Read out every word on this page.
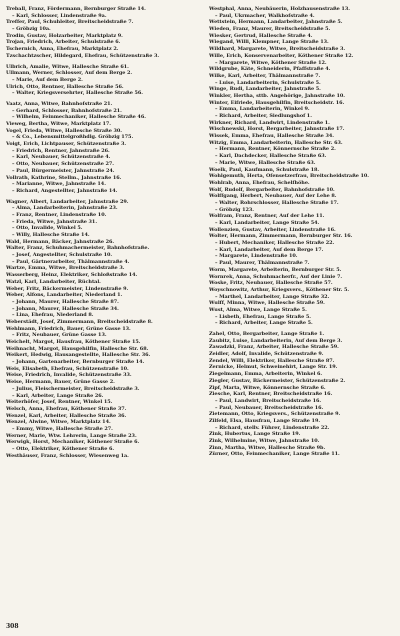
Treball, Franz, Fördermann, Bernburger Straße 14.
– Karl, Schlosser, Lindenstraße 9a.
Treffer, Paul, Schuhleiter, Breitscheidstraße 7.
– Gröbzig 10a.
Trodin, Gustav, Holzarbeiter, Marktplatz 9.
Trojan, Friedrich, Arbeiter, Schulstraße 6.
Tschernich, Anna, Ehefrau, Marktplatz 2.
Tzschachtzscher, Hildegard, Ehefrau, Schützenstraße 3.
Ulbrich, Amalie, Witwe, Hallesche Straße 61.
Ullmann, Werner, Schlosser, Auf dem Berge 2.
– Marie, Auf dem Berge 2.
Ulrich, Otto, Rentner, Hallesche Straße 56.
– Walter, Kriegsversehrter, Hallesche Straße 56.
Vaatz, Anna, Witwe, Bahnhofstraße 21.
– Gerhard, Schlosser, Bahnhofstraße 21.
– Wilhelm, Feinmechaniker, Hallesche Straße 46.
Vieweg, Bertha, Witwe, Marktplatz 17.
Vogel, Frieda, Witwe, Hallesche Straße 30.
– & Co., Lebensmittelgroßhdlg. Gröbzig 175.
Voigt, Erich, Lichtpauser, Schützenstraße 3.
– Friedrich, Rentner, Jahnstraße 26.
– Karl, Neubauer, Schützenstraße 4.
– Otto, Neubauer, Schützenstraße 27.
– Paul, Bürgermeister, Jahnstraße 24.
Vollrath, Kathrine, Stellm., Jahnstraße 16.
– Marianne, Witwe, Jahnstraße 14.
– Richard, Angestellter, Jahnstraße 14.
Wagner, Albert, Landarbeiter, Jahnstraße 29.
– Alma, Landarbeiterin, Jahnstraße 23.
– Franz, Rentner, Lindenstraße 10.
– Frieda, Witwe, Jahnstraße 31.
– Otto, Invalide, Winkel 5.
– Willy, Hallesche Straße 14.
Wald, Hermann, Bäcker, Jahnstraße 26.
Walter, Franz, Schuhmachermeister, Bahnhofstraße.
– Josef, Angestellter, Schulstraße 10.
– Paul, Gärtnerarbeiter, Thälmannstraße 4.
Wartze, Emma, Witwe, Breitscheidstraße 3.
Wasserberg, Heinz, Elektriker, Schloßstraße 14.
Watzl, Karl, Landarbeiter, Rüchtal.
Weber, Fritz, Bäckermeister, Lindenstraße 9.
Weber, Alfons, Landarbeiter, Niederland 1.
– Johann, Maurer, Hallesche Straße 87.
– Johann, Maurer, Hallesche Straße 34.
– Lina, Ehefrau, Niederland 8.
Weberstädt, Josef, Zimmermann, Breitscheidstraße 8.
Wehlmann, Friedrich, Bauer, Grüne Gasse 13.
– Fritz, Neubauer, Grüne Gasse 13.
Weichelt, Margot, Hausfrau, Köthener Straße 15.
Weihnacht, Margot, Hausgehilfin, Hallesche Str. 68.
Weikert, Hedwig, Hausangestellte, Hallesche Str. 36.
– Johann, Gartenarbeiter, Bernburger Straße 14.
Weis, Elisabeth, Ehefrau, Schützenstraße 10.
Weise, Friedrich, Invalide, Schützenstraße 33.
Weise, Hermann, Bauer, Grüne Gasse 2.
– Julius, Fleischermeister, Breitscheidstraße 3.
– Karl, Arbeiter, Lange Straße 26.
Weiterhöfer, Josef, Rentner, Winkel 15.
Welsch, Anna, Ehefrau, Köthener Straße 37.
Wenzel, Karl, Arbeiter, Hallesche Straße 36.
Wenzel, Alwine, Witwe, Marktplatz 14.
– Emmy, Witwe, Hallesche Straße 27.
Werner, Marie, Wtw. Lehrerin, Lange Straße 23.
Werwigk, Horst, Mechaniker, Köthener Straße 6.
– Otto, Elektriker, Köthener Straße 6.
Westhäuser, Franz, Schlosser, Wiesenweg 1a.
Westphal, Anna, Neubäuerin, Holzhausenstraße 13.
– Paul, Ukrmacher, Walkhofstraße 4.
Wettstein, Hermann, Landarbeiter, Jahnstraße 5.
Wieden, Franz, Maurer, Breitscheidstraße 5.
Wiesker, Gertrud, Hallesche Straße 4.
Wiegand, Willi, Klempner, Lange Straße 13.
Wildhard, Margarete, Witwe, Breitscheidstraße 3.
Wille, Erich, Konservenarbeiter, Köthener Straße 12.
– Margarete, Witwe, Köthener Straße 12.
Wildgrube, Käte, Schneiderin, Pfaffstraße 4.
Wilke, Karl, Arbeiter, Thälmannstraße 7.
– Luise, Landarbeiterin, Schulstraße 5.
Winge, Rudi, Landarbeiter, Jahnstraße 5.
Winkler, Hertha, sttb. Angehörige, Jahnstraße 10.
Winter, Eifriede, Hausgehilfin, Breitscheidstr. 16.
– Emma, Landarbeiterin, Winkel 9.
– Richard, Arbeiter, Siedlungshof 1.
Wirkner, Richard, Landwirt, Lindenstraße 1.
Wischnewski, Horst, Bergarbeiter, Jahnstraße 17.
Wissek, Emma, Ehefrau, Hallesche Straße 34.
Witzig, Emma, Landarbeiterin, Hallesche Str. 63.
– Hermann, Rentner, Könnernsche Straße 2.
– Karl, Dachdecker, Hallesche Straße 63.
– Marie, Witwe, Hallesche Straße 63.
Woelk, Paul, Kaufmann, Schulstraße 18.
Wohlgemuth, Herta, Ofensetzerfrau, Breitscheidstraße 10.
Wohlrab, Anna, Ehefrau, Schelfhöhe.
Wolf, Rudolf, Bergarbeiter, Bahnhofstraße 10.
Wolffgang, Herbert, Neubauer, Auf der Lehe 8.
– Walter, Rohrschlosser, Hallesche Straße 17.
– Gröbzig 123.
Wolfram, Franz, Rentner, Auf der Lehe 11.
– Karl, Landarbeiter, Lange Straße 54.
Wollenzien, Gustav, Arbeiter, Lindenstraße 16.
Wolter, Hermann, Zimmermann, Bernburger Str. 16.
– Hubert, Mechaniker, Hallesche Straße 22.
– Karl, Landarbeiter, Auf dem Berge 17.
– Margarete, Lindenstraße 10.
– Paul, Maurer, Thälmannstraße 7.
Worm, Margarete, Arbeiterin, Bernburger Str. 5.
Wornrek, Anna, Schuhmacherfr., Auf der Linie 7.
Woske, Fritz, Neubauer, Hallesche Straße 57.
Woyschnowitz, Arthur, Kriegsvers., Köthener Str. 5.
– Marthel, Landarbeiter, Lange Straße 32.
Wulff, Minna, Witwe, Hallesche Straße 59.
Wust, Alma, Witwe, Lange Straße 5.
– Lisbeth, Ehefrau, Lange Straße 5.
– Richard, Arbeiter, Lange Straße 5.
Zahel, Otto, Bergarbeiter, Lange Straße 1.
Zaubitz, Luise, Landarbeiterin, Auf dem Berge 3.
Zawadzki, Franz, Arbeiter, Hallesche Straße 59.
Zeidler, Adolf, Invalide, Schützenstraße 9.
Zendel, Willi, Elektriker, Hallesche Straße 87.
Zernicke, Helmut, Schweinehirt, Lange Str. 19.
Ziegelmann, Emma, Arbeiterin, Winkel 6.
Ziegler, Gustav, Bäckermeister, Schützenstraße 2.
Zipf, Marta, Witwe, Könnernsche Straße 6.
Ziesche, Karl, Rentner, Breitscheidstraße 16.
– Paul, Landwirt, Breitscheidstraße 16.
– Paul, Neubauer, Breitscheidstraße 16.
Zietemann, Otto, Kriegsvers., Schützenstraße 9.
Zilfeld, Elsa, Hausfrau, Lange Straße 19.
– Richard, stellv. Führer, Lindenstraße 22.
Zink, Hubertus, Lange Straße 19.
Zink, Wilhelmine, Witwe, Jahnstraße 10.
Zinn, Martha, Witwe, Hallesche Straße 9b.
Zürner, Otto, Feinmechaniker, Lange Straße 11.
308
